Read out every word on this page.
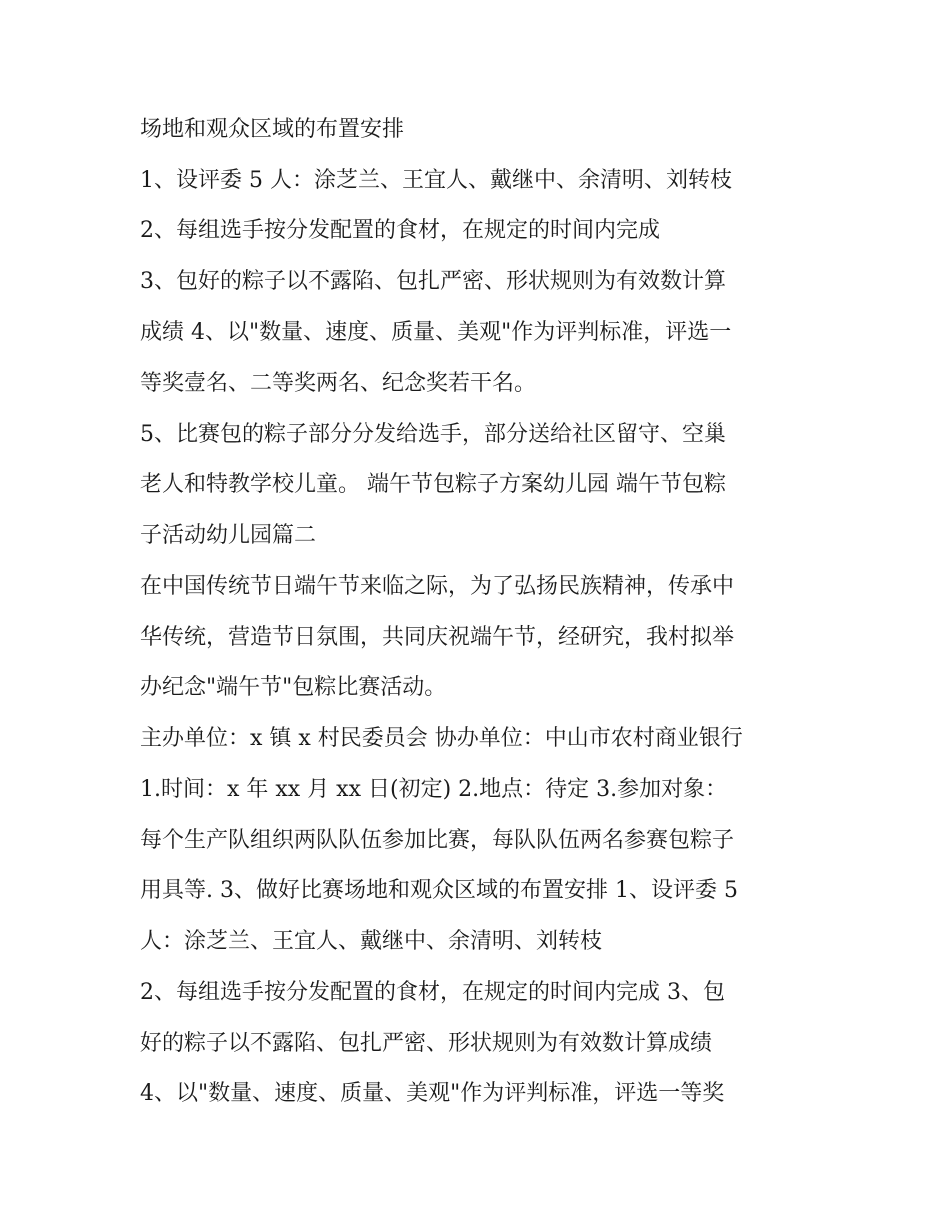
场地和观众区域的布置安排

1、设评委 5 人：涂芝兰、王宜人、戴继中、余清明、刘转枝

2、每组选手按分发配置的食材，在规定的时间内完成

3、包好的粽子以不露陷、包扎严密、形状规则为有效数计算

成绩 4、以"数量、速度、质量、美观"作为评判标准，评选一

等奖壹名、二等奖两名、纪念奖若干名。

5、比赛包的粽子部分分发给选手，部分送给社区留守、空巢

老人和特教学校儿童。 端午节包粽子方案幼儿园 端午节包粽

子活动幼儿园篇二

在中国传统节日端午节来临之际，为了弘扬民族精神，传承中

华传统，营造节日氛围，共同庆祝端午节，经研究，我村拟举

办纪念"端午节"包粽比赛活动。

主办单位：x 镇 x 村民委员会 协办单位：中山市农村商业银行

1.时间：x 年 xx 月 xx 日(初定) 2.地点：待定 3.参加对象：

每个生产队组织两队队伍参加比赛，每队队伍两名参赛包粽子

用具等. 3、做好比赛场地和观众区域的布置安排 1、设评委 5

人：涂芝兰、王宜人、戴继中、余清明、刘转枝

2、每组选手按分发配置的食材，在规定的时间内完成 3、包

好的粽子以不露陷、包扎严密、形状规则为有效数计算成绩

4、以"数量、速度、质量、美观"作为评判标准，评选一等奖
